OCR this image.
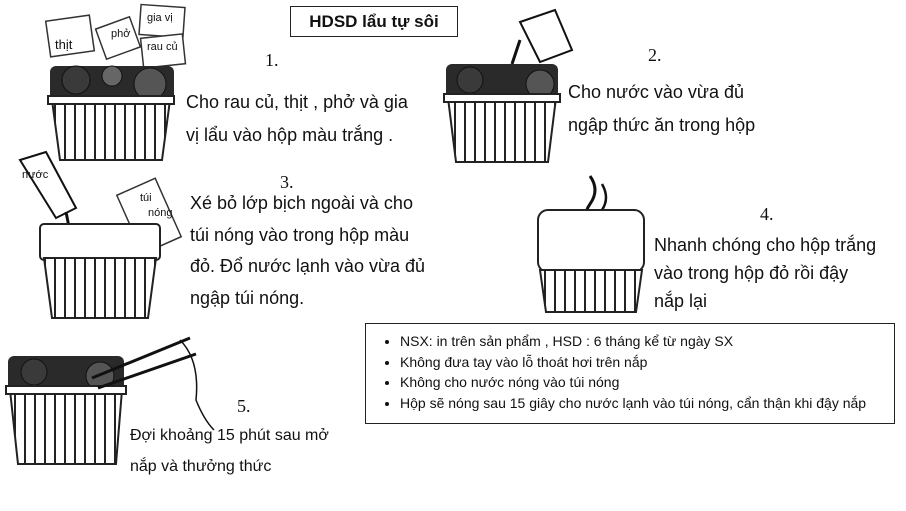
thịt
phở
gia vị
rau củ
nước
túi
nóng
HDSD lẩu tự sôi
1.	2.
3.
4.
5.
Cho rau củ, thịt , phở và gia
vị lẩu vào hộp màu trắng .
Cho nước vào vừa đủ
ngập thức ăn trong hộp
Xé bỏ lớp bịch ngoài và cho
túi nóng vào trong hộp màu
đỏ. Đổ nước lạnh vào vừa đủ
ngập túi nóng.
Nhanh chóng cho hộp trắng
vào trong hộp đỏ rồi đậy
nắp lại
Đợi khoảng 15 phút sau mở
nắp và thưởng thức
• NSX: in trên sản phẩm , HSD : 6 tháng kể từ ngày SX
• Không đưa tay vào lỗ thoát hơi trên nắp
• Không cho nước nóng vào túi nóng
• Hộp sẽ nóng sau 15 giây cho nước lạnh vào túi nóng, cẩn thận khi đậy nắp
